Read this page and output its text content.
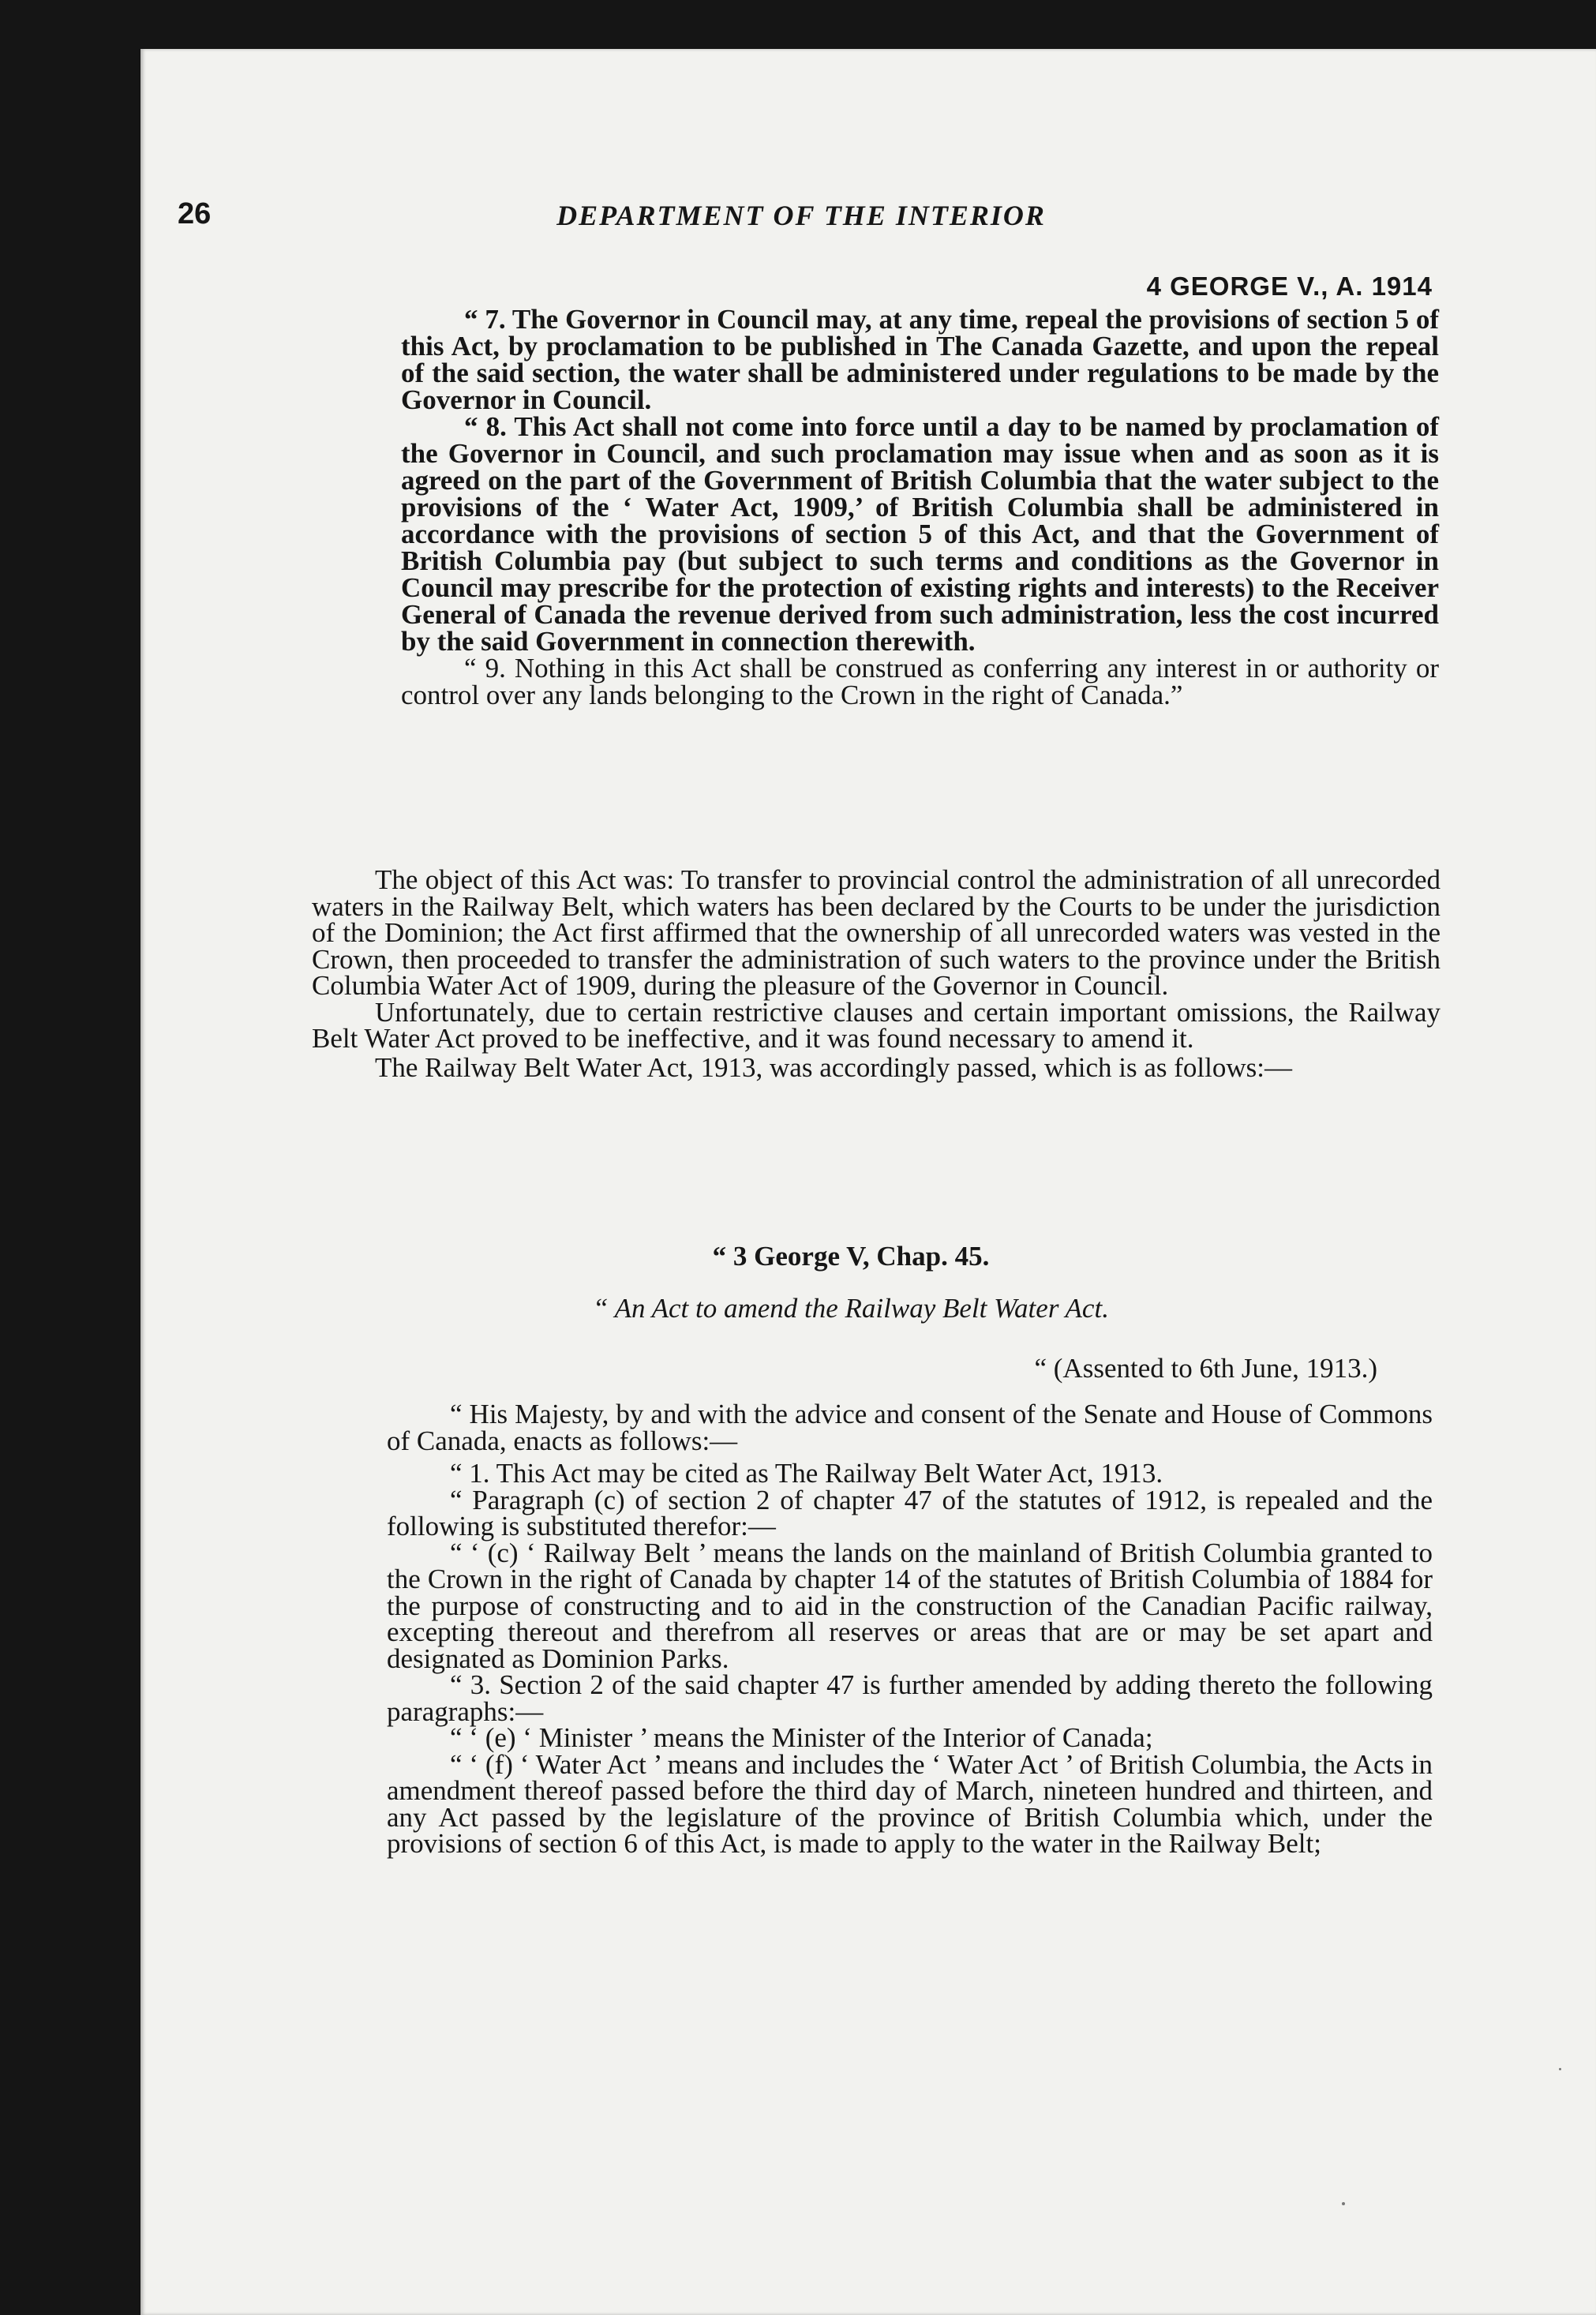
26	DEPARTMENT OF THE INTERIOR
4 GEORGE V., A. 1914

“ 7. The Governor in Council may, at any time, repeal the provisions of section 5 of this Act, by proclamation to be published in The Canada Gazette, and upon the repeal of the said section, the water shall be administered under regulations to be made by the Governor in Council.

“ 8. This Act shall not come into force until a day to be named by proclamation of the Governor in Council, and such proclamation may issue when and as soon as it is agreed on the part of the Government of British Columbia that the water subject to the provisions of the ‘ Water Act, 1909,’ of British Columbia shall be administered in accordance with the provisions of section 5 of this Act, and that the Government of British Columbia pay (but subject to such terms and conditions as the Governor in Council may prescribe for the protection of existing rights and interests) to the Receiver General of Canada the revenue derived from such administration, less the cost incurred by the said Government in connection therewith.

“ 9. Nothing in this Act shall be construed as conferring any interest in or authority or control over any lands belonging to the Crown in the right of Canada.”

The object of this Act was: To transfer to provincial control the administration of all unrecorded waters in the Railway Belt, which waters has been declared by the Courts to be under the jurisdiction of the Dominion; the Act first affirmed that the ownership of all unrecorded waters was vested in the Crown, then proceeded to transfer the administration of such waters to the province under the British Columbia Water Act of 1909, during the pleasure of the Governor in Council.

Unfortunately, due to certain restrictive clauses and certain important omissions, the Railway Belt Water Act proved to be ineffective, and it was found necessary to amend it.

The Railway Belt Water Act, 1913, was accordingly passed, which is as follows:—

“ 3 George V, Chap. 45.
“ An Act to amend the Railway Belt Water Act.
“ (Assented to 6th June, 1913.)

“ His Majesty, by and with the advice and consent of the Senate and House of Commons of Canada, enacts as follows:—

“ 1. This Act may be cited as The Railway Belt Water Act, 1913.

“ Paragraph (c) of section 2 of chapter 47 of the statutes of 1912, is repealed and the following is substituted therefor:—

“ ‘ (c) ‘ Railway Belt ’ means the lands on the mainland of British Columbia granted to the Crown in the right of Canada by chapter 14 of the statutes of British Columbia of 1884 for the purpose of constructing and to aid in the construction of the Canadian Pacific railway, excepting thereout and therefrom all reserves or areas that are or may be set apart and designated as Dominion Parks.

“ 3. Section 2 of the said chapter 47 is further amended by adding thereto the following paragraphs:—

“ ‘ (e) ‘ Minister ’ means the Minister of the Interior of Canada;

“ ‘ (f) ‘ Water Act ’ means and includes the ‘ Water Act ’ of British Columbia, the Acts in amendment thereof passed before the third day of March, nineteen hundred and thirteen, and any Act passed by the legislature of the province of British Columbia which, under the provisions of section 6 of this Act, is made to apply to the water in the Railway Belt;
